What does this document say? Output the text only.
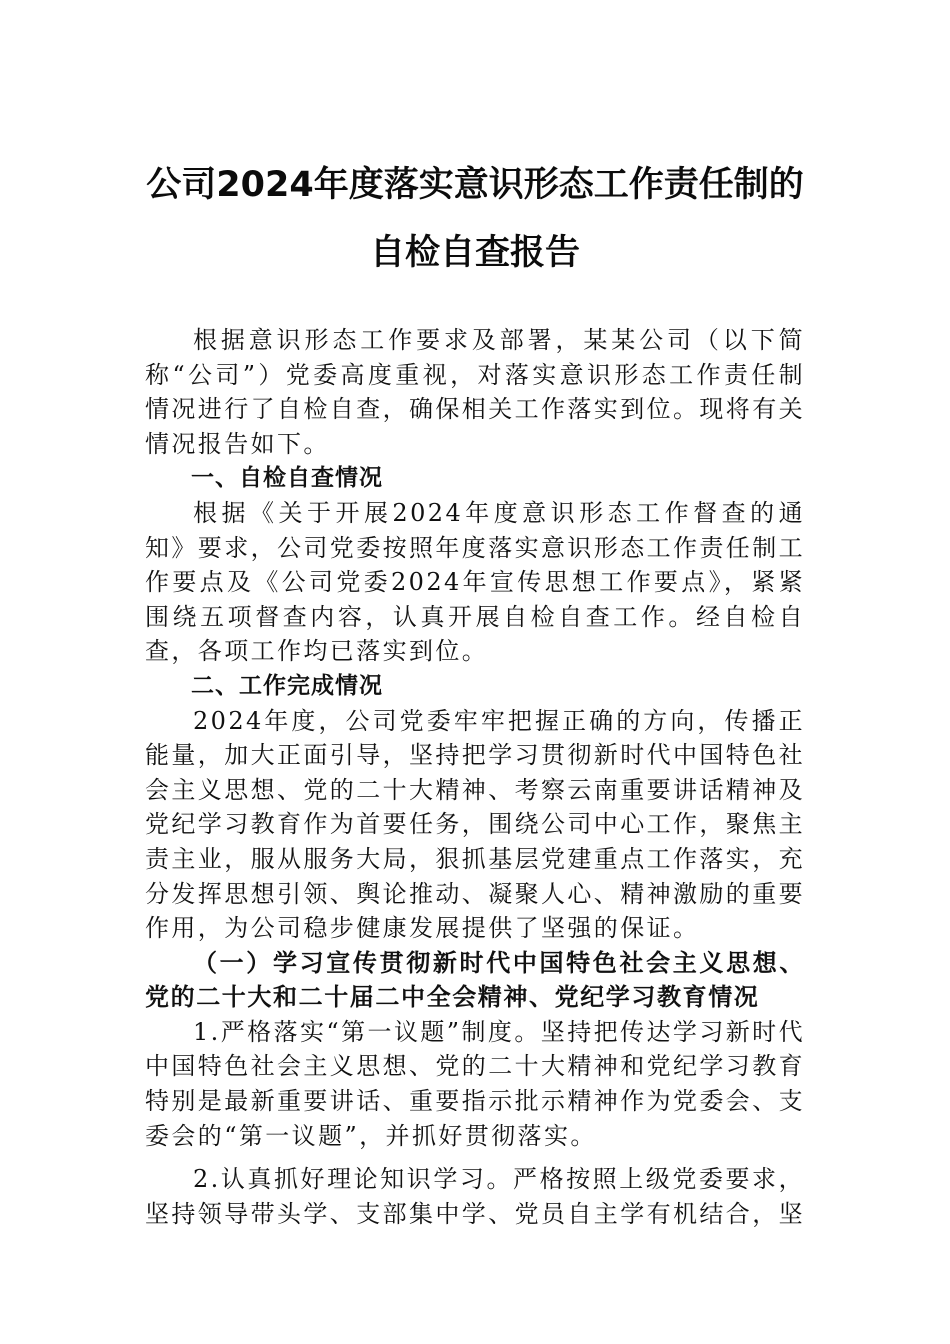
公司2024年度落实意识形态工作责任制的
自检自查报告

根据意识形态工作要求及部署，某某公司（以下简称“公司”）党委高度重视，对落实意识形态工作责任制情况进行了自检自查，确保相关工作落实到位。现将有关情况报告如下。

一、自检自查情况

根据《关于开展2024年度意识形态工作督查的通知》要求，公司党委按照年度落实意识形态工作责任制工作要点及《公司党委2024年宣传思想工作要点》，紧紧围绕五项督查内容，认真开展自检自查工作。经自检自查，各项工作均已落实到位。

二、工作完成情况

2024年度，公司党委牢牢把握正确的方向，传播正能量，加大正面引导，坚持把学习贯彻新时代中国特色社会主义思想、党的二十大精神、考察云南重要讲话精神及党纪学习教育作为首要任务，围绕公司中心工作，聚焦主责主业，服从服务大局，狠抓基层党建重点工作落实，充分发挥思想引领、舆论推动、凝聚人心、精神激励的重要作用，为公司稳步健康发展提供了坚强的保证。

（一）学习宣传贯彻新时代中国特色社会主义思想、党的二十大和二十届二中全会精神、党纪学习教育情况

1.严格落实“第一议题”制度。坚持把传达学习新时代中国特色社会主义思想、党的二十大精神和党纪学习教育特别是最新重要讲话、重要指示批示精神作为党委会、支委会的“第一议题”，并抓好贯彻落实。

2.认真抓好理论知识学习。严格按照上级党委要求，坚持领导带头学、支部集中学、党员自主学有机结合，坚
